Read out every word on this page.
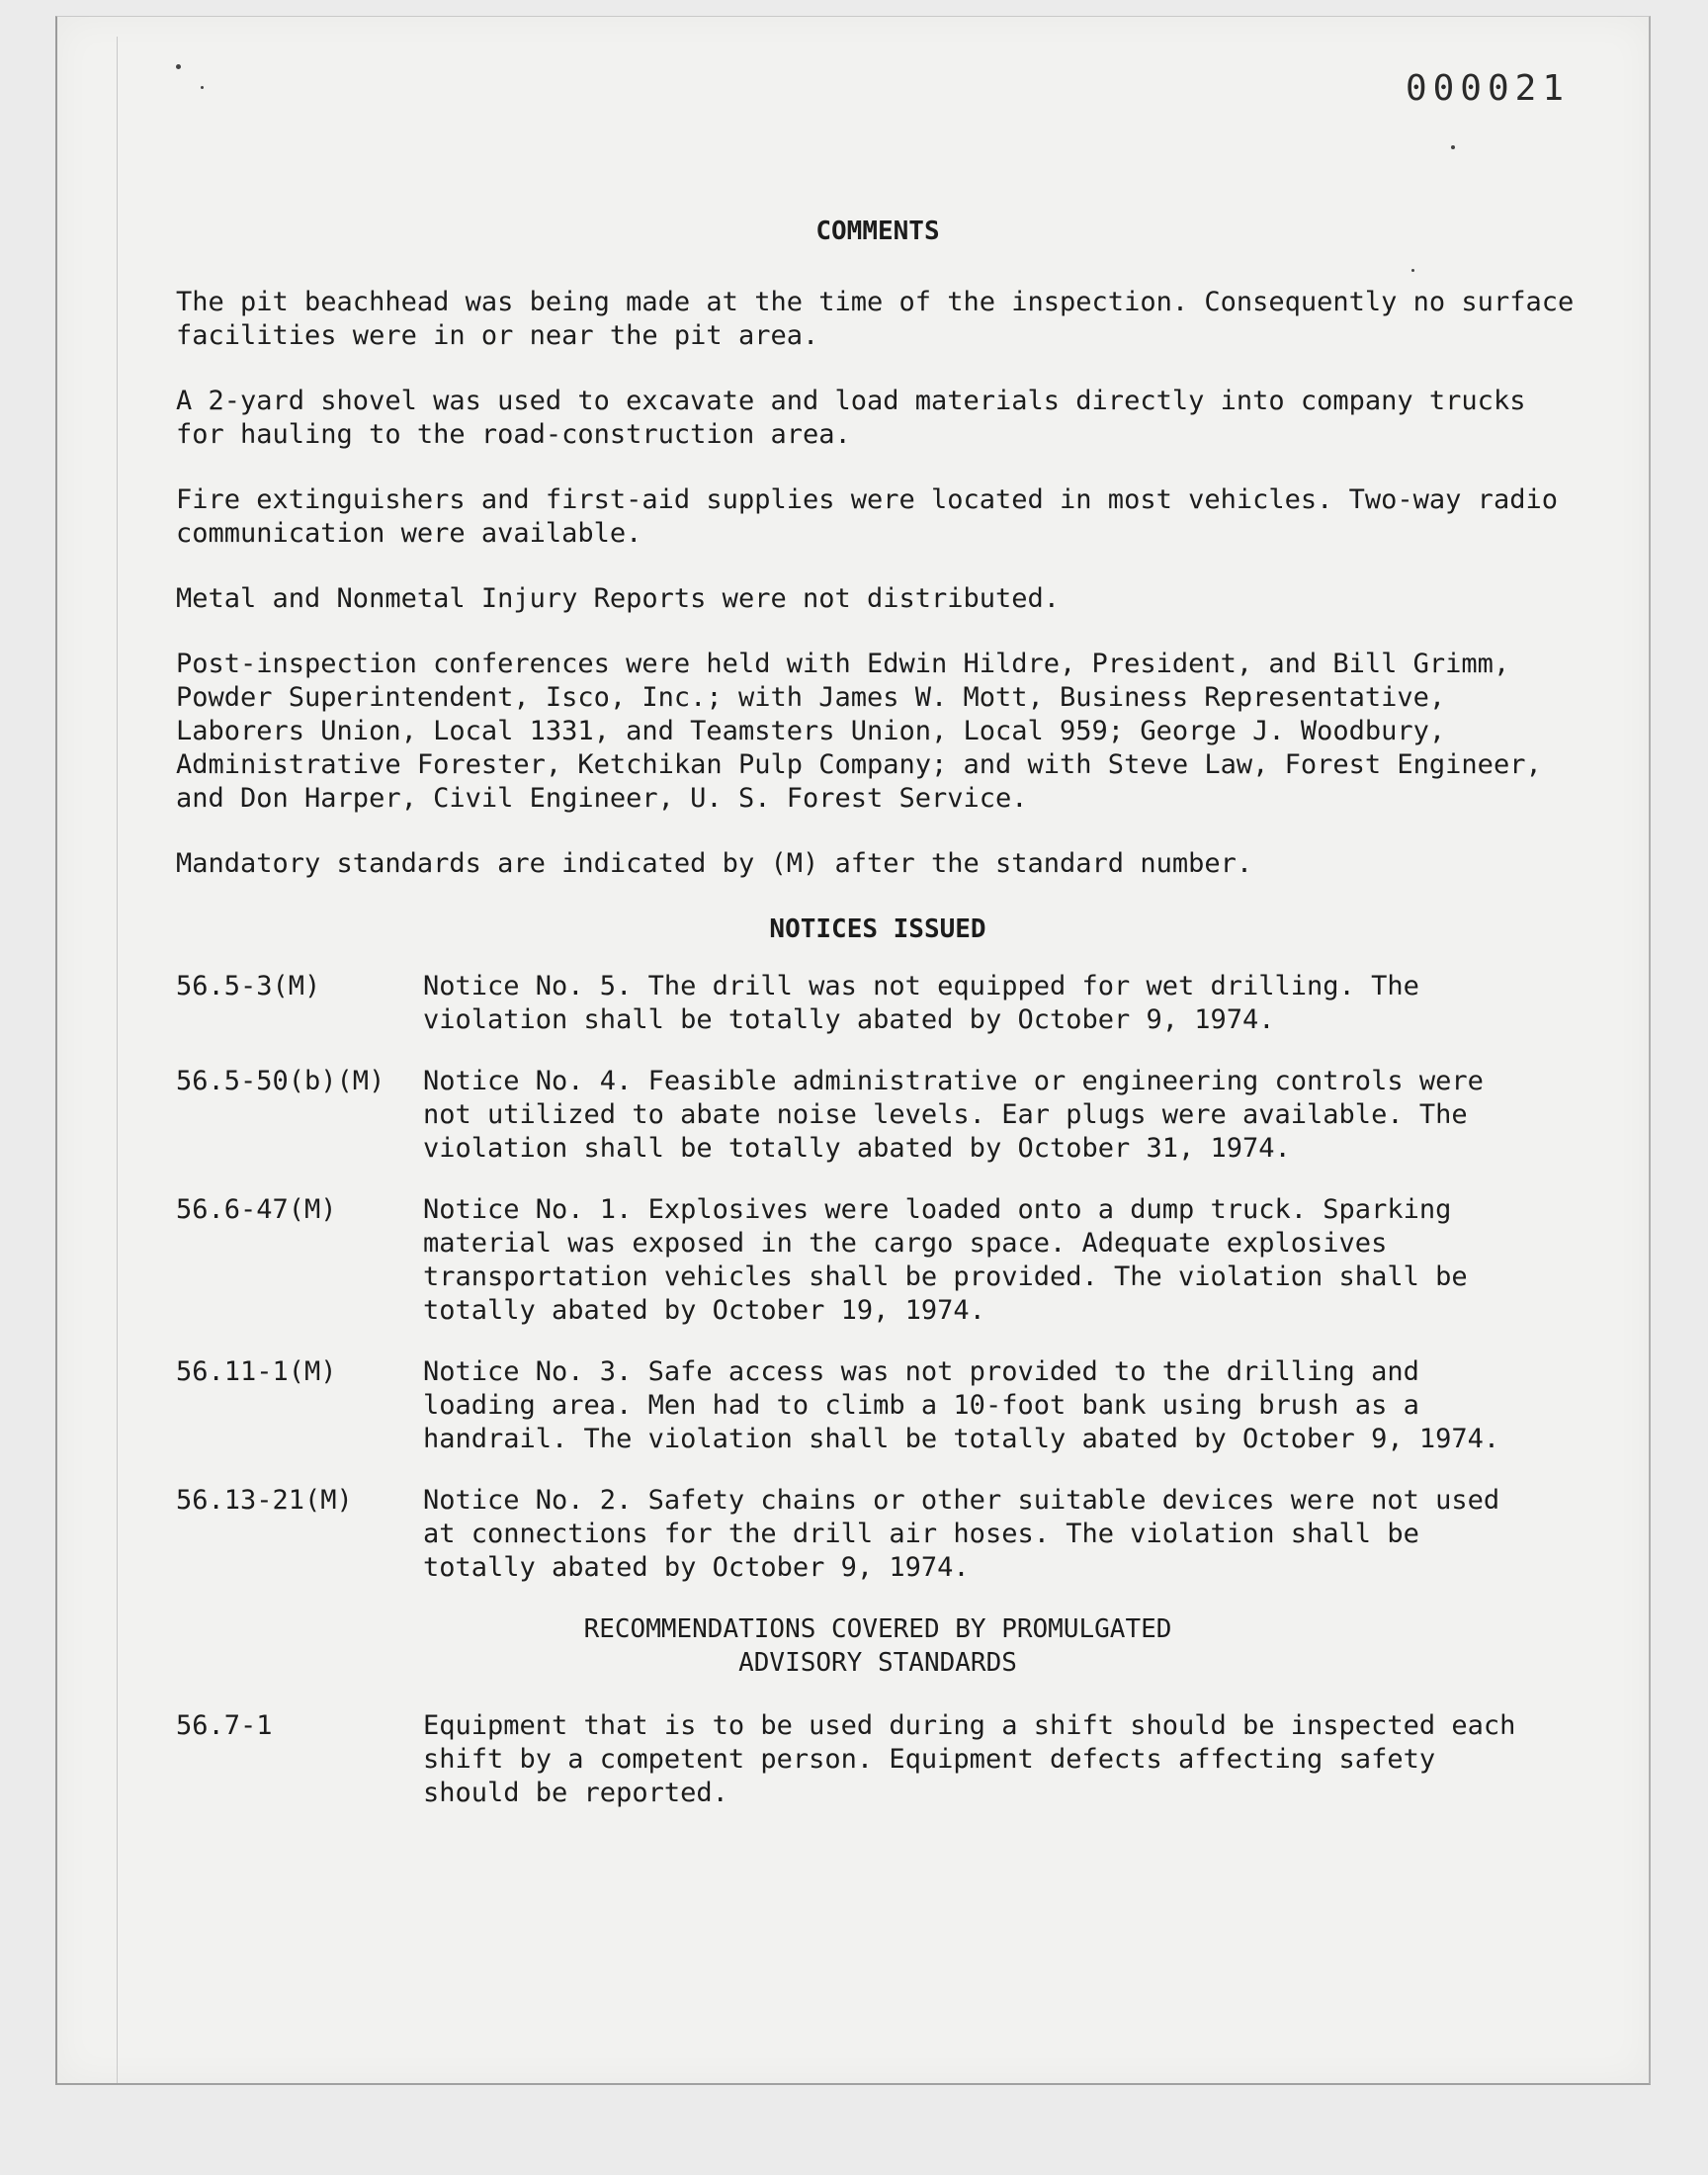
000021
COMMENTS

The pit beachhead was being made at the time of the inspection. Consequently no surface facilities were in or near the pit area.

A 2-yard shovel was used to excavate and load materials directly into company trucks for hauling to the road-construction area.

Fire extinguishers and first-aid supplies were located in most vehicles. Two-way radio communication were available.

Metal and Nonmetal Injury Reports were not distributed.

Post-inspection conferences were held with Edwin Hildre, President, and Bill Grimm, Powder Superintendent, Isco, Inc.; with James W. Mott, Business Representative, Laborers Union, Local 1331, and Teamsters Union, Local 959; George J. Woodbury, Administrative Forester, Ketchikan Pulp Company; and with Steve Law, Forest Engineer, and Don Harper, Civil Engineer, U. S. Forest Service.

Mandatory standards are indicated by (M) after the standard number.

NOTICES ISSUED
56.5-3(M)	Notice No. 5. The drill was not equipped for wet drilling. The violation shall be totally abated by October 9, 1974.
56.5-50(b)(M)	Notice No. 4. Feasible administrative or engineering controls were not utilized to abate noise levels. Ear plugs were available. The violation shall be totally abated by October 31, 1974.
56.6-47(M)	Notice No. 1. Explosives were loaded onto a dump truck. Sparking material was exposed in the cargo space. Adequate explosives transportation vehicles shall be provided. The violation shall be totally abated by October 19, 1974.
56.11-1(M)	Notice No. 3. Safe access was not provided to the drilling and loading area. Men had to climb a 10-foot bank using brush as a handrail. The violation shall be totally abated by October 9, 1974.
56.13-21(M)	Notice No. 2. Safety chains or other suitable devices were not used at connections for the drill air hoses. The violation shall be totally abated by October 9, 1974.
RECOMMENDATIONS COVERED BY PROMULGATED
ADVISORY STANDARDS
56.7-1	Equipment that is to be used during a shift should be inspected each shift by a competent person. Equipment defects affecting safety should be reported.
